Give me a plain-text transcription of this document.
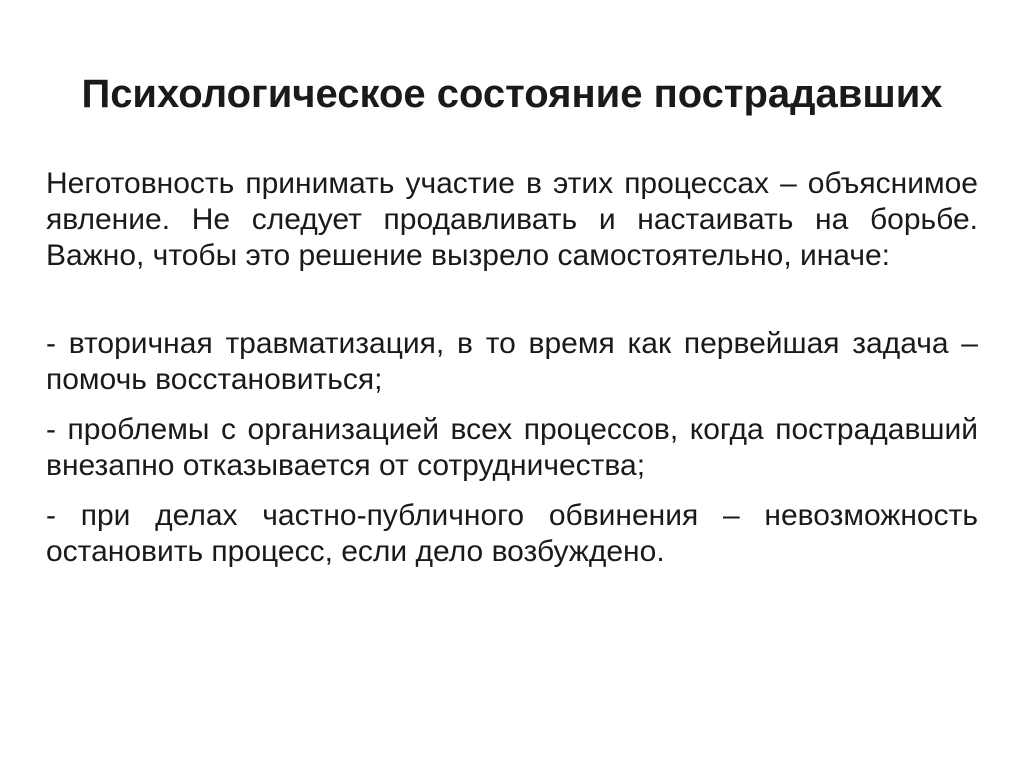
Психологическое состояние пострадавших

Неготовность принимать участие в этих процессах – объяснимое явление. Не следует продавливать и настаивать на борьбе. Важно, чтобы это решение вызрело самостоятельно, иначе:

- вторичная травматизация, в то время как первейшая задача – помочь восстановиться;

- проблемы с организацией всех процессов, когда пострадавший внезапно отказывается от сотрудничества;

- при делах частно-публичного обвинения – невозможность остановить процесс, если дело возбуждено.
